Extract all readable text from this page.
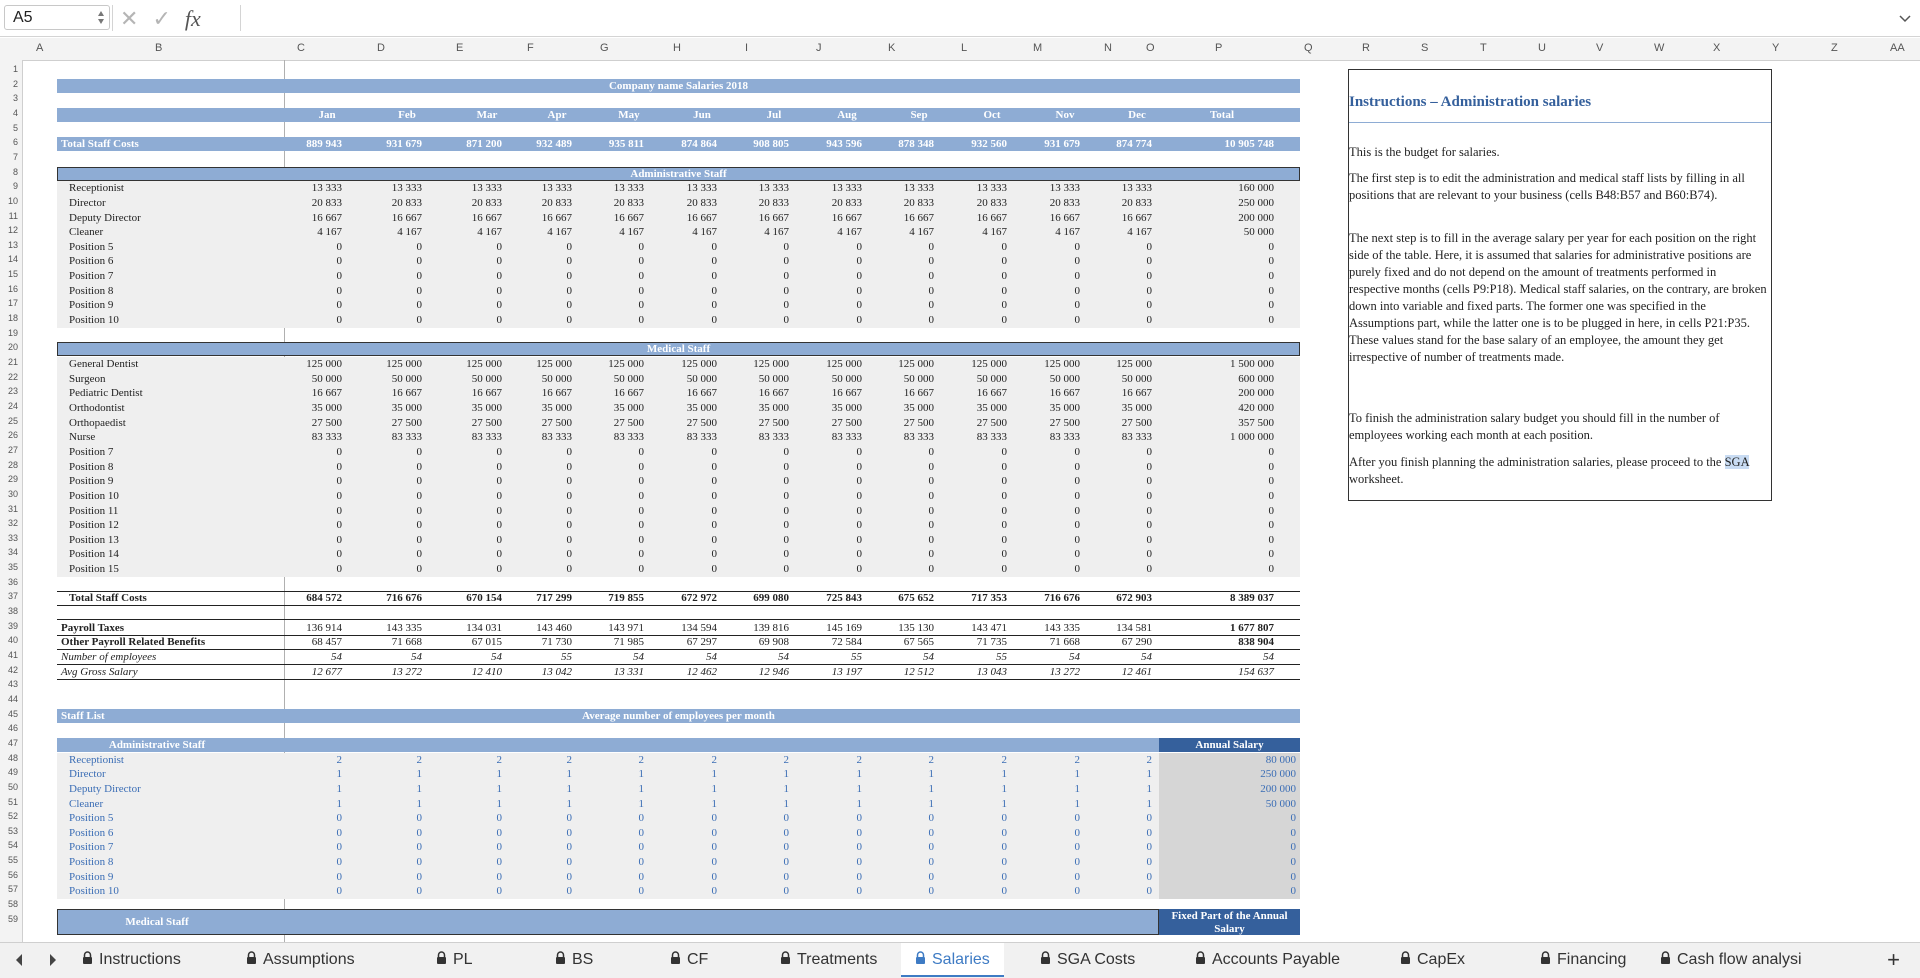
A5	✕ ✓ fx
A	B	C	D	E	F	G	H	I	J	K	L	M	N	O	P	Q	R	S	T	U	V	W	X	Y	Z	AA
1
2
3
4
5
6
7
8
9
10
11
12
13
14
15
16
17
18
19
20
21
22
23
24
25
26
27
28
29
30
31
32
33
34
35
36
37
38
39
40
41
42
43
44
45
46
47
48
49
50
51
52
53
54
55
56
57
58
59
Company name Salaries 2018
Jan	Feb	Mar	Apr	May	Jun	Jul	Aug	Sep	Oct	Nov	Dec	Total
Total Staff Costs	889 943	931 679	871 200	932 489	935 811	874 864	908 805	943 596	878 348	932 560	931 679	874 774	10 905 748
Administrative Staff
Receptionist	13 333	13 333	13 333	13 333	13 333	13 333	13 333	13 333	13 333	13 333	13 333	13 333	160 000
Director	20 833	20 833	20 833	20 833	20 833	20 833	20 833	20 833	20 833	20 833	20 833	20 833	250 000
Deputy Director	16 667	16 667	16 667	16 667	16 667	16 667	16 667	16 667	16 667	16 667	16 667	16 667	200 000
Cleaner	4 167	4 167	4 167	4 167	4 167	4 167	4 167	4 167	4 167	4 167	4 167	4 167	50 000
Position 5	0	0	0	0	0	0	0	0	0	0	0	0	0
Position 6	0	0	0	0	0	0	0	0	0	0	0	0	0
Position 7	0	0	0	0	0	0	0	0	0	0	0	0	0
Position 8	0	0	0	0	0	0	0	0	0	0	0	0	0
Position 9	0	0	0	0	0	0	0	0	0	0	0	0	0
Position 10	0	0	0	0	0	0	0	0	0	0	0	0	0
Medical Staff
General Dentist	125 000	125 000	125 000	125 000	125 000	125 000	125 000	125 000	125 000	125 000	125 000	125 000	1 500 000
Surgeon	50 000	50 000	50 000	50 000	50 000	50 000	50 000	50 000	50 000	50 000	50 000	50 000	600 000
Pediatric Dentist	16 667	16 667	16 667	16 667	16 667	16 667	16 667	16 667	16 667	16 667	16 667	16 667	200 000
Orthodontist	35 000	35 000	35 000	35 000	35 000	35 000	35 000	35 000	35 000	35 000	35 000	35 000	420 000
Orthopaedist	27 500	27 500	27 500	27 500	27 500	27 500	27 500	27 500	27 500	27 500	27 500	27 500	357 500
Nurse	83 333	83 333	83 333	83 333	83 333	83 333	83 333	83 333	83 333	83 333	83 333	83 333	1 000 000
Position 7	0	0	0	0	0	0	0	0	0	0	0	0	0
Position 8	0	0	0	0	0	0	0	0	0	0	0	0	0
Position 9	0	0	0	0	0	0	0	0	0	0	0	0	0
Position 10	0	0	0	0	0	0	0	0	0	0	0	0	0
Position 11	0	0	0	0	0	0	0	0	0	0	0	0	0
Position 12	0	0	0	0	0	0	0	0	0	0	0	0	0
Position 13	0	0	0	0	0	0	0	0	0	0	0	0	0
Position 14	0	0	0	0	0	0	0	0	0	0	0	0	0
Position 15	0	0	0	0	0	0	0	0	0	0	0	0	0
Total Staff Costs	684 572	716 676	670 154	717 299	719 855	672 972	699 080	725 843	675 652	717 353	716 676	672 903	8 389 037
Payroll Taxes	136 914	143 335	134 031	143 460	143 971	134 594	139 816	145 169	135 130	143 471	143 335	134 581	1 677 807
Other Payroll Related Benefits	68 457	71 668	67 015	71 730	71 985	67 297	69 908	72 584	67 565	71 735	71 668	67 290	838 904
Number of employees	54	54	54	55	54	54	54	55	54	55	54	54	54
Avg Gross Salary	12 677	13 272	12 410	13 042	13 331	12 462	12 946	13 197	12 512	13 043	13 272	12 461	154 637
Staff List	Average number of employees per month
Administrative Staff	Annual Salary
Receptionist	2	2	2	2	2	2	2	2	2	2	2	2	80 000
Director	1	1	1	1	1	1	1	1	1	1	1	1	250 000
Deputy Director	1	1	1	1	1	1	1	1	1	1	1	1	200 000
Cleaner	1	1	1	1	1	1	1	1	1	1	1	1	50 000
Position 5	0	0	0	0	0	0	0	0	0	0	0	0	0
Position 6	0	0	0	0	0	0	0	0	0	0	0	0	0
Position 7	0	0	0	0	0	0	0	0	0	0	0	0	0
Position 8	0	0	0	0	0	0	0	0	0	0	0	0	0
Position 9	0	0	0	0	0	0	0	0	0	0	0	0	0
Position 10	0	0	0	0	0	0	0	0	0	0	0	0	0
Medical Staff	Fixed Part of the Annual Salary
Instructions – Administration salaries

This is the budget for salaries.

The first step is to edit the administration and medical staff lists by filling in all positions that are relevant to your business (cells B48:B57 and B60:B74).

The next step is to fill in the average salary per year for each position on the right side of the table. Here, it is assumed that salaries for administrative positions are purely fixed and do not depend on the amount of treatments performed in respective months (cells P9:P18). Medical staff salaries, on the contrary, are broken down into variable and fixed parts. The former one was specified in the Assumptions part, while the latter one is to be plugged in here, in cells P21:P35. These values stand for the base salary of an employee, the amount they get irrespective of number of treatments made.

To finish the administration salary budget you should fill in the number of employees working each month at each position.

After you finish planning the administration salaries, please proceed to the SGA worksheet.

+
Instructions	Assumptions	PL	BS	CF	Treatments	Salaries	SGA Costs	Accounts Payable	CapEx	Financing	Cash flow analysi
